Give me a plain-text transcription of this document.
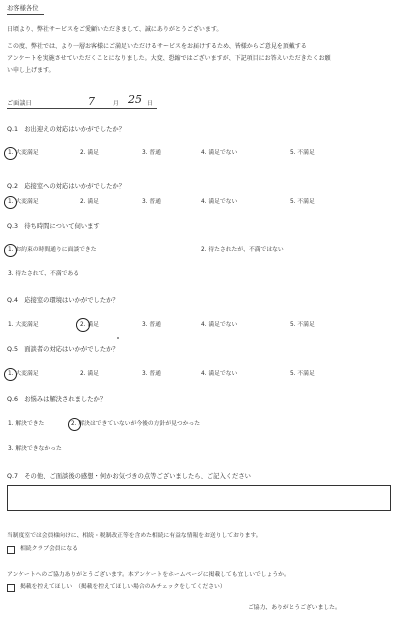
お客様各位
日頃より、弊社サービスをご愛顧いただきまして、誠にありがとうございます。
この度、弊社では、より一層お客様にご満足いただけるサービスをお届けするため、皆様からご意見を頂戴する
アンケートを実施させていただくことになりました。大変、恐縮ではございますが、下記項目にお答えいただきたくお願
い申し上げます。
ご面談日	7	月 25 日
Q.1　お出迎えの対応はいかがでしたか？
1. 大変満足	2. 満足	3. 普通	4. 満足でない	5. 不満足
Q.2　応接室への対応はいかがでしたか？
1. 大変満足	2. 満足	3. 普通	4. 満足でない	5. 不満足
Q.3　待ち時間について伺います
1. お約束の時間通りに面談できた	2. 待たされたが、不満ではない
3. 待たされて、不満である
Q.4　応接室の環境はいかがでしたか？
1. 大変満足	2. 満足	3. 普通	4. 満足でない	5. 不満足
Q.5　面談者の対応はいかがでしたか？
1. 大変満足	2. 満足	3. 普通	4. 満足でない	5. 不満足
Q.6　お悩みは解決されましたか？
1. 解決できた	2. 解決はできていないが今後の方針が見つかった
3. 解決できなかった
Q.7　その他、ご面談後の感想・何かお気づきの点等ございましたら、ご記入ください
当制度室では会員様向けに、相続・税制改正等を含めた相続に有益な情報をお送りしております。
相続クラブ会員になる
アンケートへのご協力ありがとうございます。本アンケートをホームページに掲載しても宜しいでしょうか。
掲載を控えてほしい　（掲載を控えてほしい場合のみチェックをしてください）
ご協力、ありがとうございました。
